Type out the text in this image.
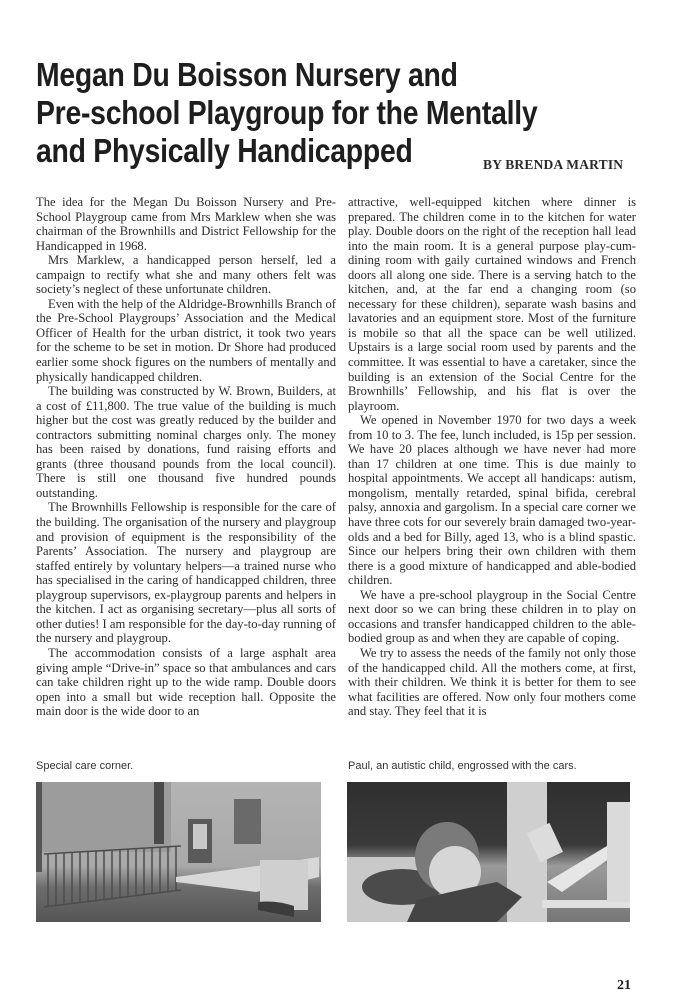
Megan Du Boisson Nursery and
Pre-school Playgroup for the Mentally
and Physically Handicapped	BY BRENDA MARTIN

The idea for the Megan Du Boisson Nursery and Pre-School Playgroup came from Mrs Marklew when she was chairman of the Brownhills and District Fellowship for the Handicapped in 1968.

Mrs Marklew, a handicapped person herself, led a campaign to rectify what she and many others felt was society’s neglect of these unfortunate children.

Even with the help of the Aldridge-Brownhills Branch of the Pre-School Playgroups’ Association and the Medical Officer of Health for the urban district, it took two years for the scheme to be set in motion. Dr Shore had produced earlier some shock figures on the numbers of mentally and physically handicapped children.

The building was constructed by W. Brown, Builders, at a cost of £11,800. The true value of the building is much higher but the cost was greatly reduced by the builder and contractors submitting nominal charges only. The money has been raised by donations, fund raising efforts and grants (three thousand pounds from the local council). There is still one thousand five hundred pounds outstanding.

The Brownhills Fellowship is responsible for the care of the building. The organisation of the nursery and playgroup and provision of equipment is the responsibility of the Parents’ Association. The nursery and playgroup are staffed entirely by voluntary helpers—a trained nurse who has specialised in the caring of handicapped children, three playgroup supervisors, ex-playgroup parents and helpers in the kitchen. I act as organising secretary—plus all sorts of other duties! I am responsible for the day-to-day running of the nursery and playgroup.

The accommodation consists of a large asphalt area giving ample “Drive-in” space so that ambulances and cars can take children right up to the wide ramp. Double doors open into a small but wide reception hall. Opposite the main door is the wide door to an

attractive, well-equipped kitchen where dinner is prepared. The children come in to the kitchen for water play. Double doors on the right of the reception hall lead into the main room. It is a general purpose play-cum-dining room with gaily curtained windows and French doors all along one side. There is a serving hatch to the kitchen, and, at the far end a changing room (so necessary for these children), separate wash basins and lavatories and an equipment store. Most of the furniture is mobile so that all the space can be well utilized. Upstairs is a large social room used by parents and the committee. It was essential to have a caretaker, since the building is an extension of the Social Centre for the Brownhills’ Fellowship, and his flat is over the playroom.

We opened in November 1970 for two days a week from 10 to 3. The fee, lunch included, is 15p per session. We have 20 places although we have never had more than 17 children at one time. This is due mainly to hospital appointments. We accept all handicaps: autism, mongolism, mentally retarded, spinal bifida, cerebral palsy, annoxia and gargolism. In a special care corner we have three cots for our severely brain damaged two-year-olds and a bed for Billy, aged 13, who is a blind spastic. Since our helpers bring their own children with them there is a good mixture of handicapped and able-bodied children.

We have a pre-school playgroup in the Social Centre next door so we can bring these children in to play on occasions and transfer handicapped children to the able-bodied group as and when they are capable of coping.

We try to assess the needs of the family not only those of the handicapped child. All the mothers come, at first, with their children. We think it is better for them to see what facilities are offered. Now only four mothers come and stay. They feel that it is

Special care corner.	Paul, an autistic child, engrossed with the cars.
21
